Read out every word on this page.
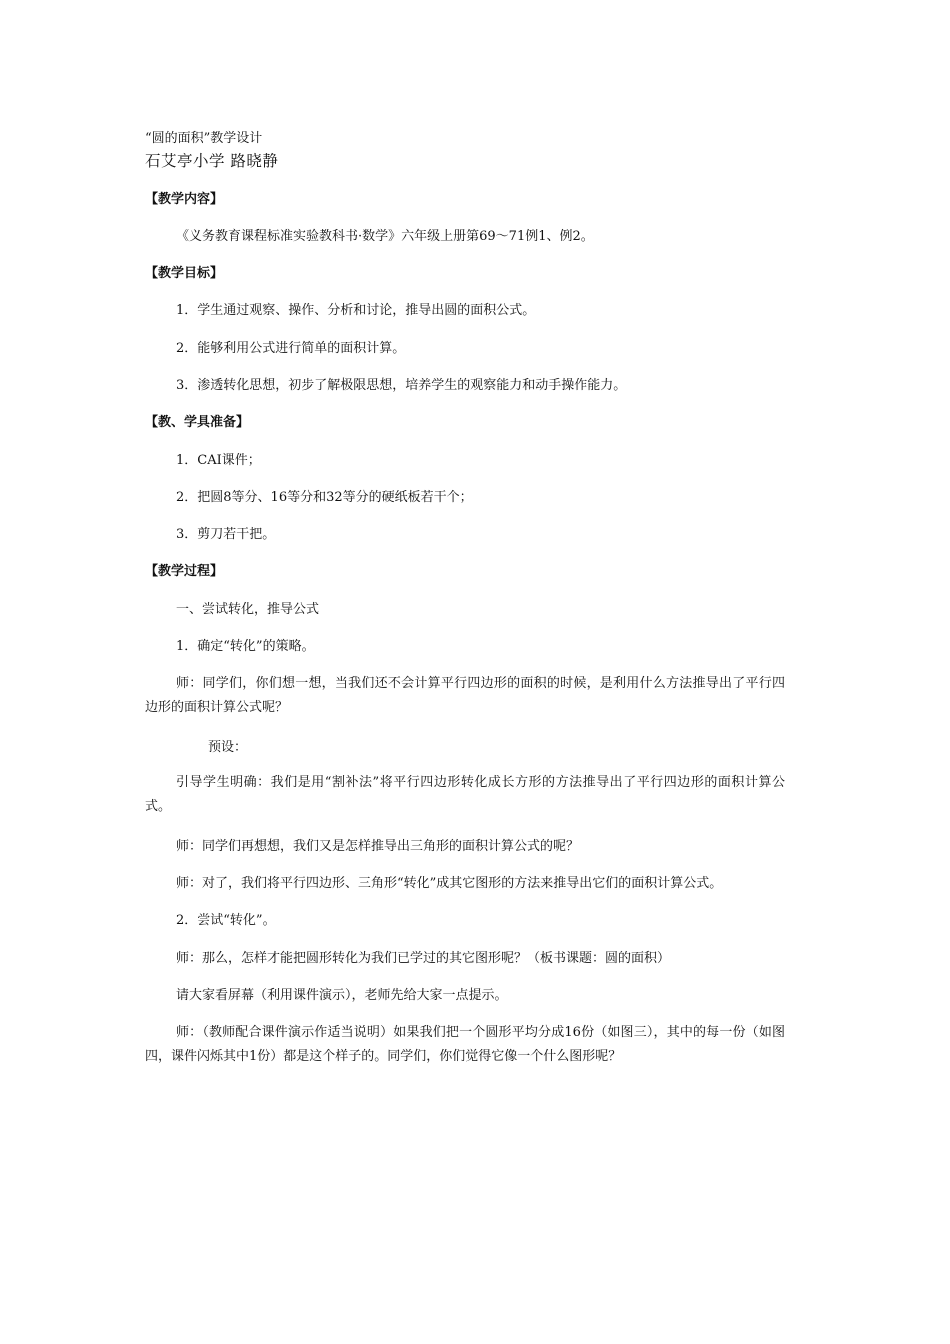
“圆的面积”教学设计
石艾亭小学 路晓静
【教学内容】
《义务教育课程标准实验教科书·数学》六年级上册第69～71例1、例2。
【教学目标】
1．学生通过观察、操作、分析和讨论，推导出圆的面积公式。
2．能够利用公式进行简单的面积计算。
3．渗透转化思想，初步了解极限思想，培养学生的观察能力和动手操作能力。
【教、学具准备】
1．CAI课件；
2．把圆8等分、16等分和32等分的硬纸板若干个；
3．剪刀若干把。
【教学过程】
一、尝试转化，推导公式
1．确定“转化”的策略。
师：同学们，你们想一想，当我们还不会计算平行四边形的面积的时候，是利用什么方法推导出了平行四边形的面积计算公式呢？
预设：
引导学生明确：我们是用“割补法”将平行四边形转化成长方形的方法推导出了平行四边形的面积计算公式。
师：同学们再想想，我们又是怎样推导出三角形的面积计算公式的呢？
师：对了，我们将平行四边形、三角形“转化”成其它图形的方法来推导出它们的面积计算公式。
2．尝试“转化”。
师：那么，怎样才能把圆形转化为我们已学过的其它图形呢？（板书课题：圆的面积）
请大家看屏幕（利用课件演示），老师先给大家一点提示。
师：（教师配合课件演示作适当说明）如果我们把一个圆形平均分成16份（如图三），其中的每一份（如图四，课件闪烁其中1份）都是这个样子的。同学们，你们觉得它像一个什么图形呢？
